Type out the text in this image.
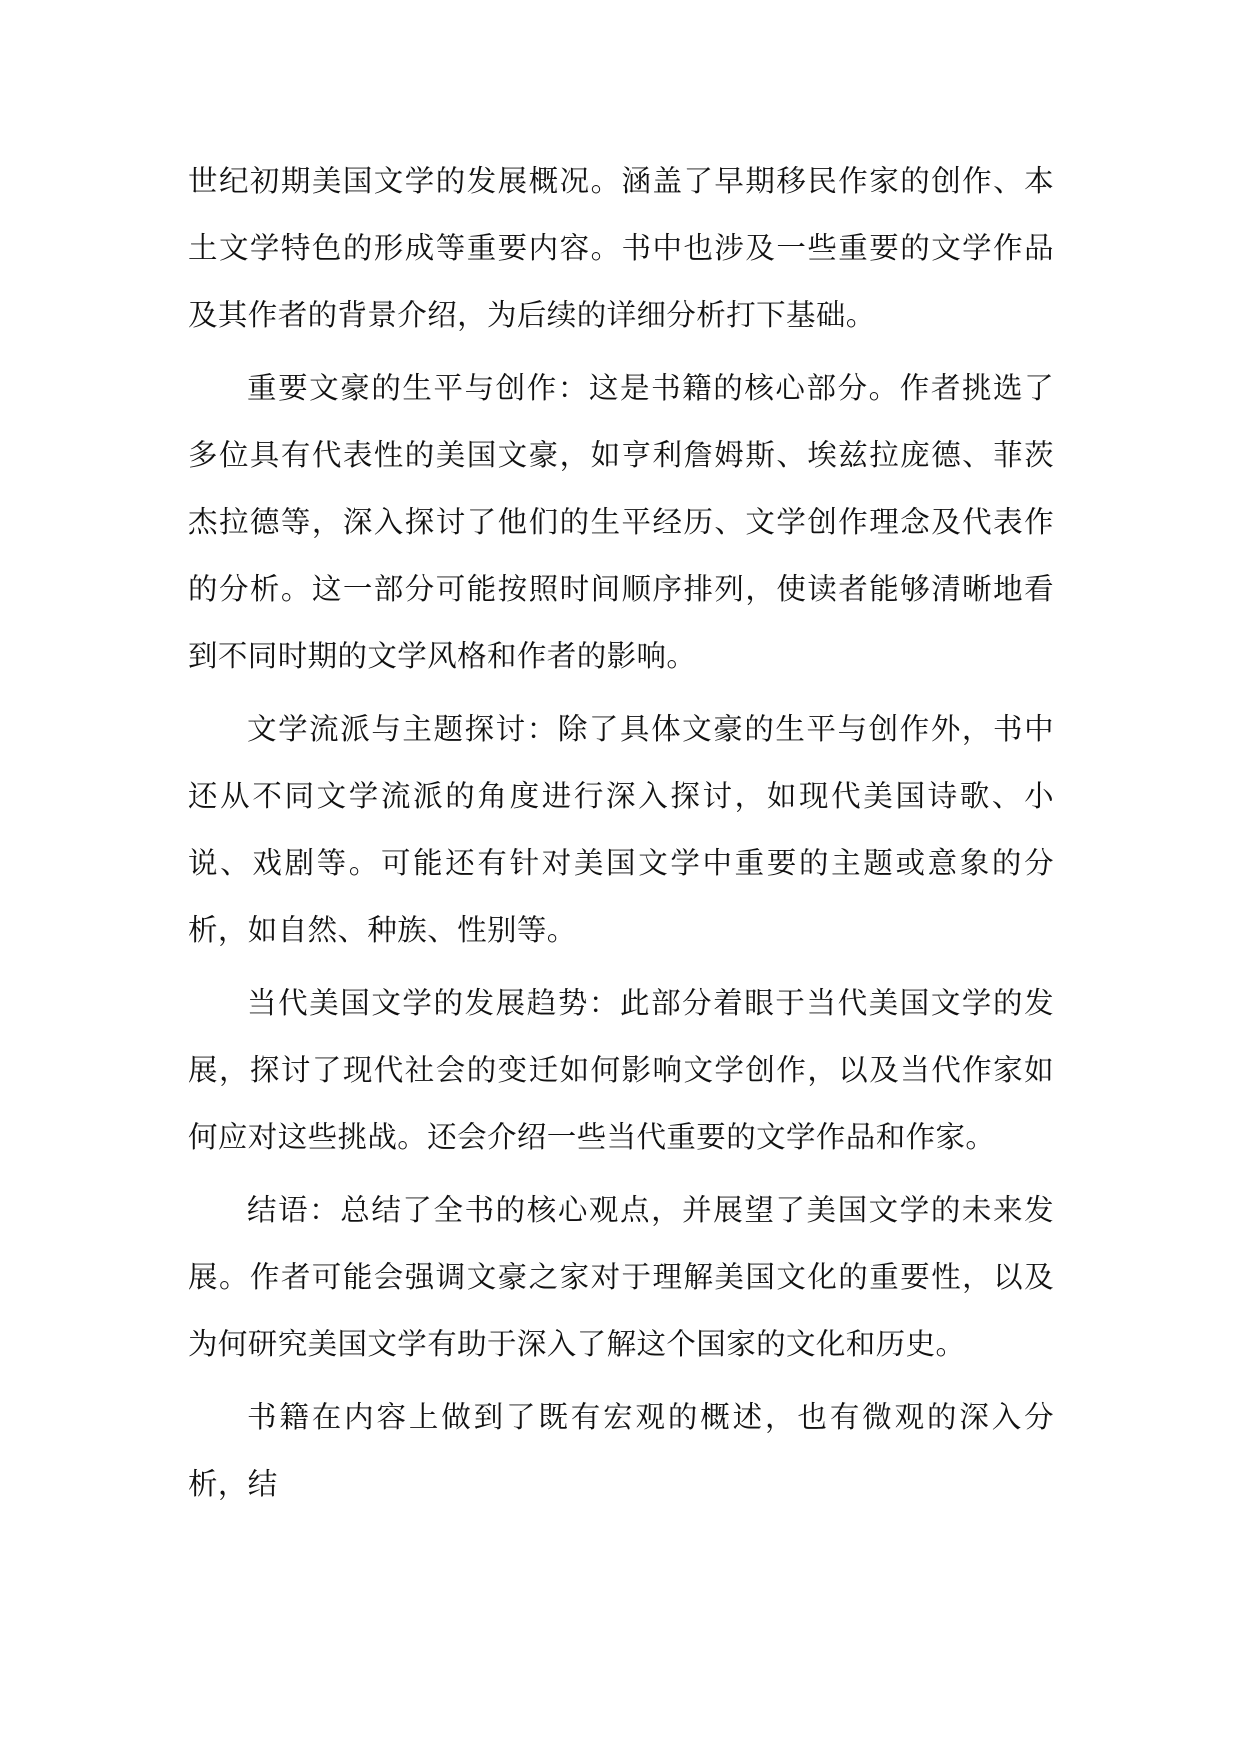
世纪初期美国文学的发展概况。涵盖了早期移民作家的创作、本土文学特色的形成等重要内容。书中也涉及一些重要的文学作品及其作者的背景介绍，为后续的详细分析打下基础。

重要文豪的生平与创作：这是书籍的核心部分。作者挑选了多位具有代表性的美国文豪，如亨利詹姆斯、埃兹拉庞德、菲茨杰拉德等，深入探讨了他们的生平经历、文学创作理念及代表作的分析。这一部分可能按照时间顺序排列，使读者能够清晰地看到不同时期的文学风格和作者的影响。

文学流派与主题探讨：除了具体文豪的生平与创作外，书中还从不同文学流派的角度进行深入探讨，如现代美国诗歌、小说、戏剧等。可能还有针对美国文学中重要的主题或意象的分析，如自然、种族、性别等。

当代美国文学的发展趋势：此部分着眼于当代美国文学的发展，探讨了现代社会的变迁如何影响文学创作，以及当代作家如何应对这些挑战。还会介绍一些当代重要的文学作品和作家。

结语：总结了全书的核心观点，并展望了美国文学的未来发展。作者可能会强调文豪之家对于理解美国文化的重要性，以及为何研究美国文学有助于深入了解这个国家的文化和历史。

书籍在内容上做到了既有宏观的概述，也有微观的深入分析，结
